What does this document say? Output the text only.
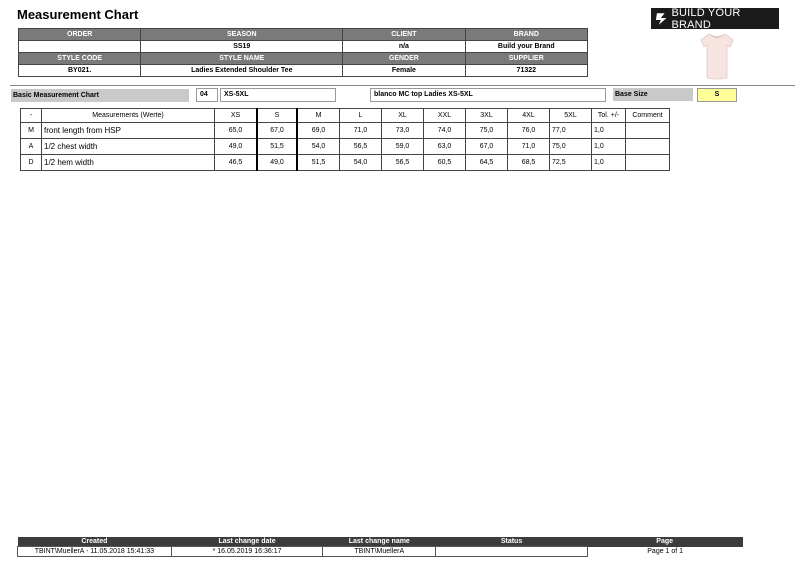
Measurement Chart
ORDER	SEASON	CLIENT	BRAND
	SS19	n/a	Build your Brand
STYLE CODE	STYLE NAME	GENDER	SUPPLIER
BY021.	Ladies Extended Shoulder Tee	Female	71322
BUILD YOUR BRAND
Basic Measurement Chart	04	XS-5XL	blanco MC top Ladies XS-5XL	Base Size	S
-	Measurements (Werte)	XS	S	M	L	XL	XXL	3XL	4XL	5XL	Tol. +/-	Comment
M	front length from HSP	65,0	67,0	69,0	71,0	73,0	74,0	75,0	76,0	77,0	1,0	
A	1/2 chest width	49,0	51,5	54,0	56,5	59,0	63,0	67,0	71,0	75,0	1,0	
D	1/2 hem width	46,5	49,0	51,5	54,0	56,5	60,5	64,5	68,5	72,5	1,0	
Created	Last change date	Last change name	Status	Page
TBINT\MuellerA - 11.05.2018 15:41:33	* 16.05.2019 16:36:17	TBINT\MuellerA		Page 1 of 1
